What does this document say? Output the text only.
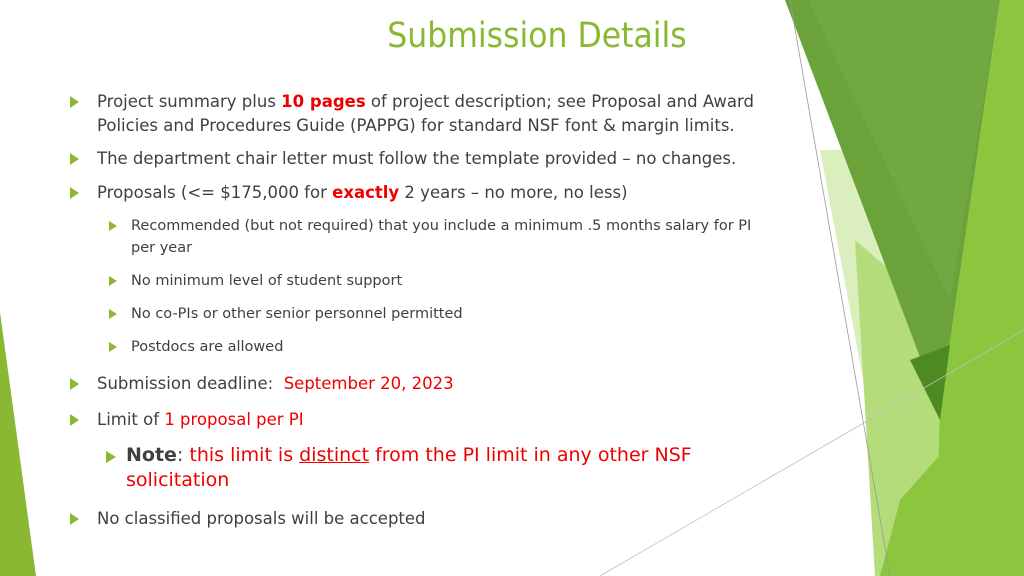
Submission Details
Project summary plus 10 pages of project description; see Proposal and Award
Policies and Procedures Guide (PAPPG) for standard NSF font & margin limits.
The department chair letter must follow the template provided – no changes.
Proposals (<= $175,000 for exactly 2 years – no more, no less)
Recommended (but not required) that you include a minimum .5 months salary for PI
per year
No minimum level of student support
No co-PIs or other senior personnel permitted
Postdocs are allowed
Submission deadline:  September 20, 2023
Limit of 1 proposal per PI
Note: this limit is distinct from the PI limit in any other NSF
solicitation
No classified proposals will be accepted
